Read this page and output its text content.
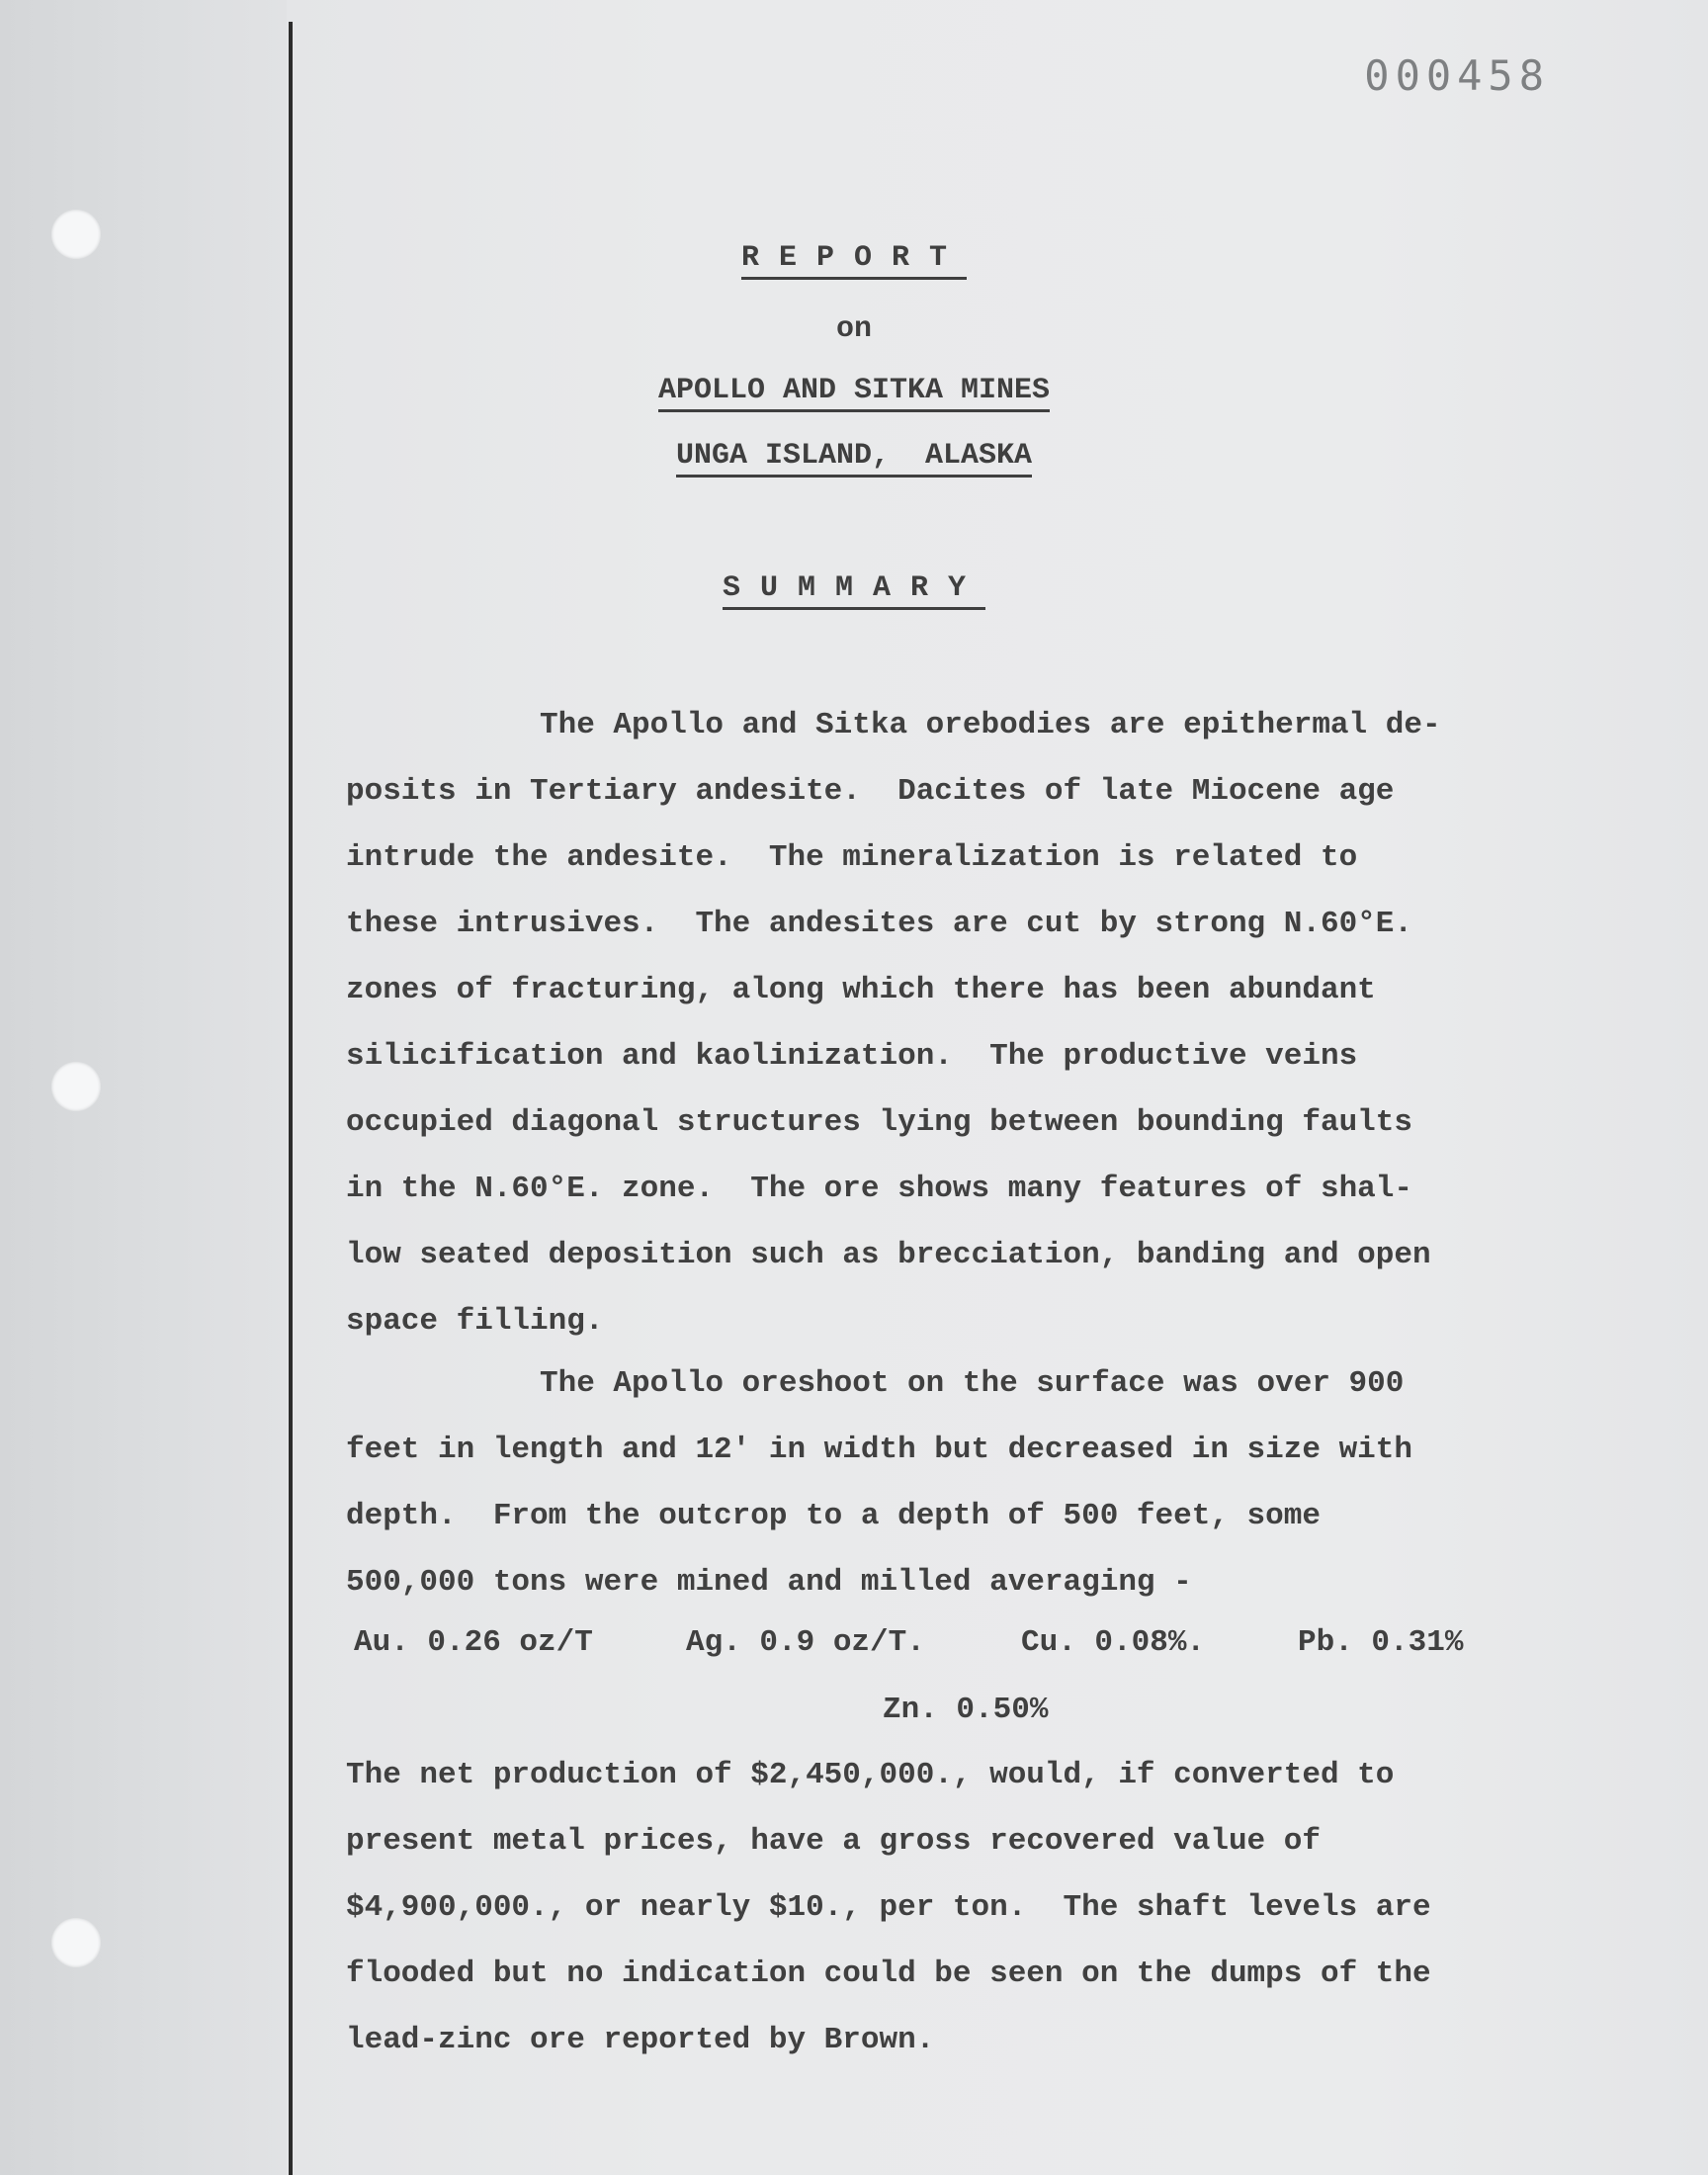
000458
REPORT
on
APOLLO AND SITKA MINES
UNGA ISLAND,  ALASKA
SUMMARY
The Apollo and Sitka orebodies are epithermal de-
posits in Tertiary andesite.  Dacites of late Miocene age
intrude the andesite.  The mineralization is related to
these intrusives.  The andesites are cut by strong N.60°E.
zones of fracturing, along which there has been abundant
silicification and kaolinization.  The productive veins
occupied diagonal structures lying between bounding faults
in the N.60°E. zone.  The ore shows many features of shal-
low seated deposition such as brecciation, banding and open
space filling.
The Apollo oreshoot on the surface was over 900
feet in length and 12' in width but decreased in size with
depth.  From the outcrop to a depth of 500 feet, some
500,000 tons were mined and milled averaging -
Au. 0.26 oz/T	Ag. 0.9 oz/T.	Cu. 0.08%.	Pb. 0.31%
Zn. 0.50%
The net production of $2,450,000., would, if converted to
present metal prices, have a gross recovered value of
$4,900,000., or nearly $10., per ton.  The shaft levels are
flooded but no indication could be seen on the dumps of the
lead-zinc ore reported by Brown.
